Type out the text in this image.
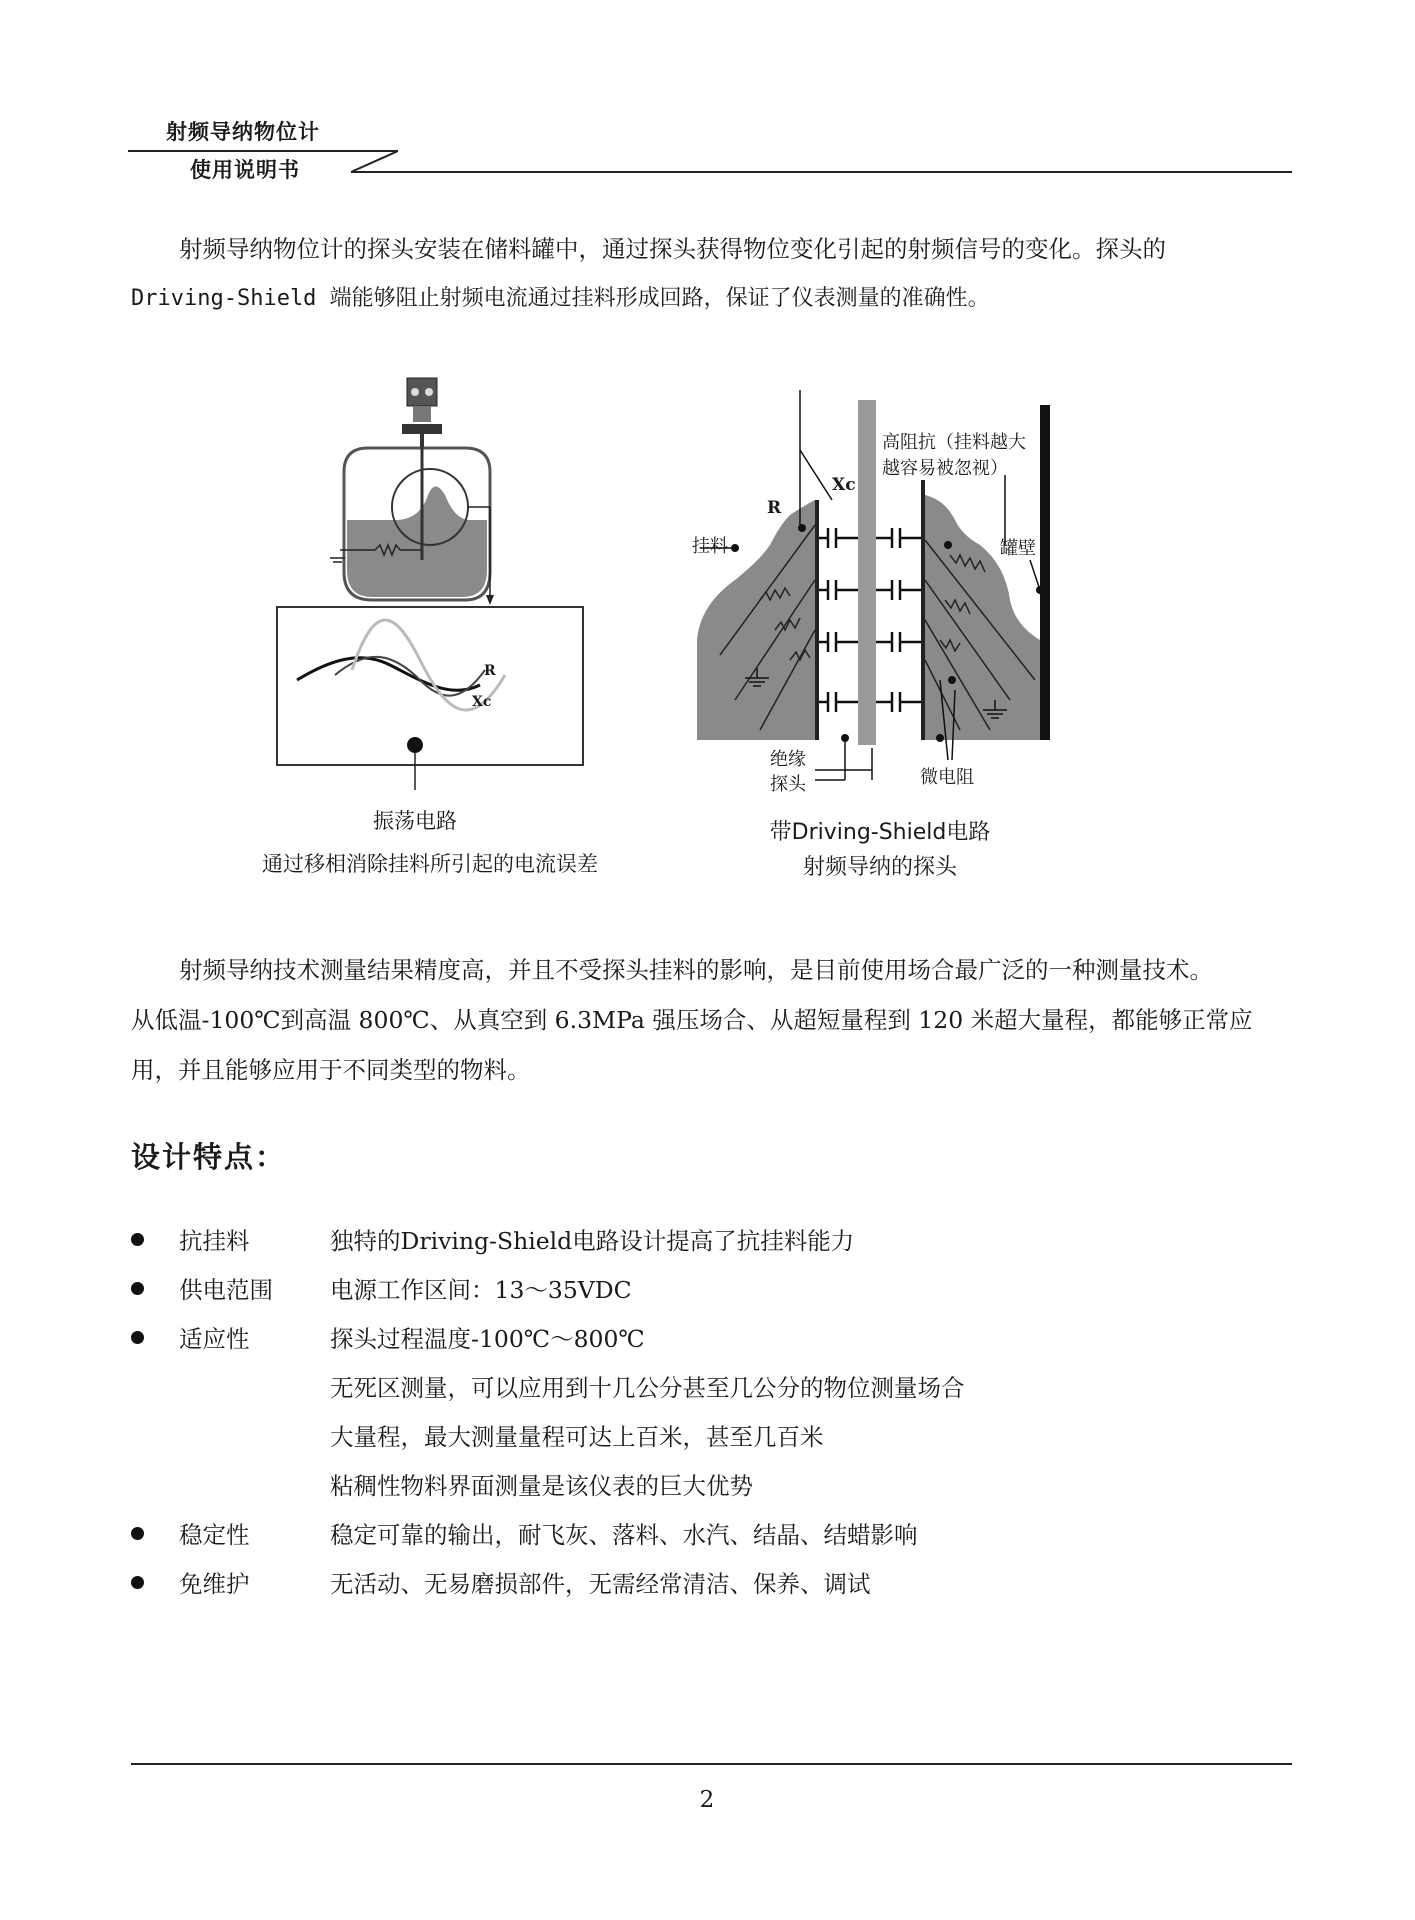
射频导纳物位计
使用说明书
射频导纳物位计的探头安装在储料罐中，通过探头获得物位变化引起的射频信号的变化。探头的
Driving-Shield 端能够阻止射频电流通过挂料形成回路，保证了仪表测量的准确性。
R
Xc
振荡电路
通过移相消除挂料所引起的电流误差
R
Xc
挂料
高阻抗（挂料越大
越容易被忽视）
罐壁
绝缘
探头	微电阻
带Driving-Shield电路
射频导纳的探头
射频导纳技术测量结果精度高，并且不受探头挂料的影响，是目前使用场合最广泛的一种测量技术。
从低温-100℃到高温 800℃、从真空到 6.3MPa 强压场合、从超短量程到 120 米超大量程，都能够正常应
用，并且能够应用于不同类型的物料。
设计特点：
抗挂料	独特的Driving-Shield电路设计提高了抗挂料能力
供电范围 电源工作区间：13～35VDC
适应性	探头过程温度-100℃～800℃
无死区测量，可以应用到十几公分甚至几公分的物位测量场合
大量程，最大测量量程可达上百米，甚至几百米
粘稠性物料界面测量是该仪表的巨大优势
稳定性	稳定可靠的输出，耐飞灰、落料、水汽、结晶、结蜡影响
免维护	无活动、无易磨损部件，无需经常清洁、保养、调试
2
